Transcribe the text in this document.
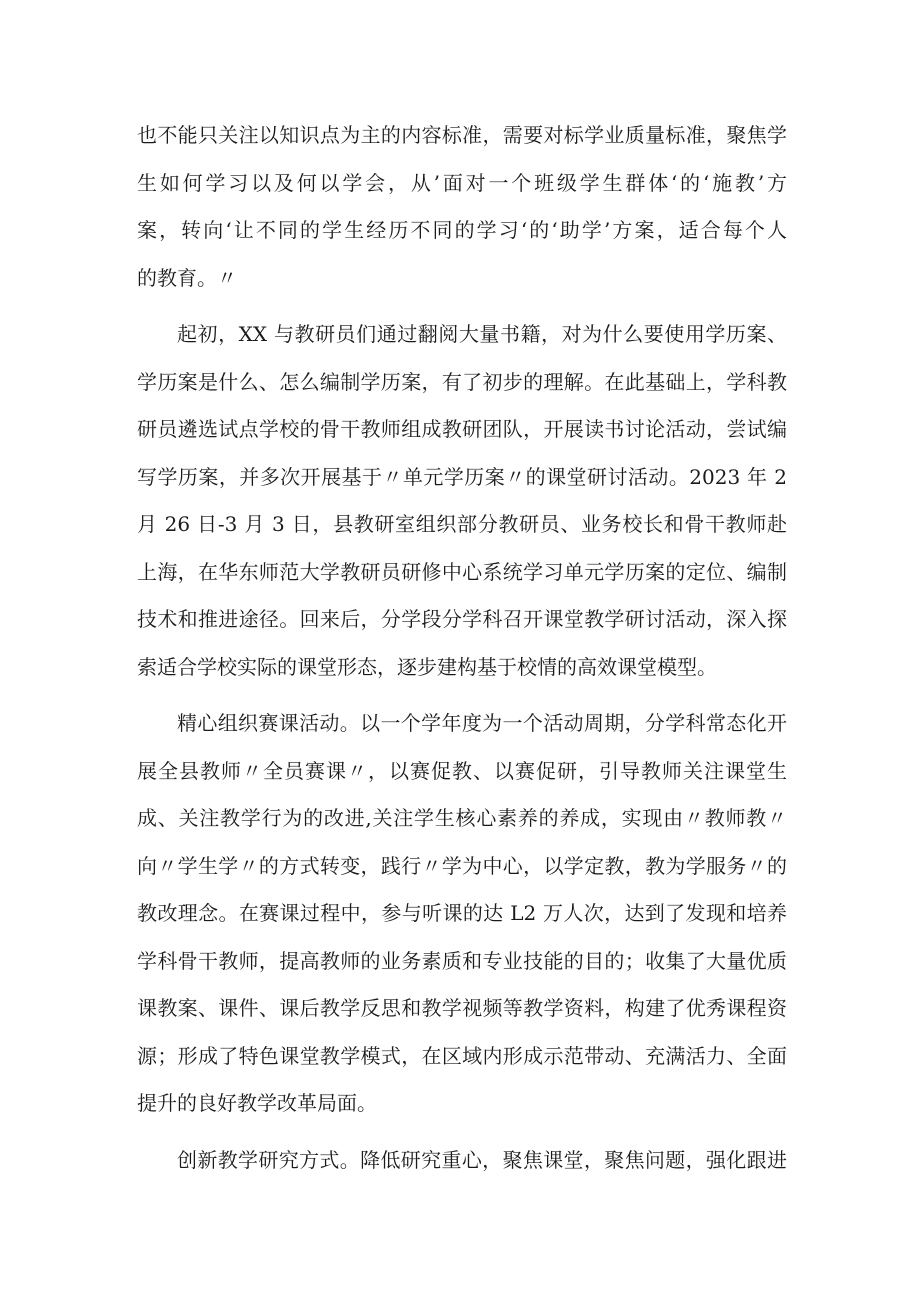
也不能只关注以知识点为主的内容标准，需要对标学业质量标准，聚焦学
生如何学习以及何以学会，从’面对一个班级学生群体‘的‘施教’方
案，转向‘让不同的学生经历不同的学习‘的‘助学’方案，适合每个人
的教育。〃
起初，XX 与教研员们通过翻阅大量书籍，对为什么要使用学历案、
学历案是什么、怎么编制学历案，有了初步的理解。在此基础上，学科教
研员遴选试点学校的骨干教师组成教研团队，开展读书讨论活动，尝试编
写学历案，并多次开展基于〃单元学历案〃的课堂研讨活动。2023 年 2
月 26 日-3 月 3 日，县教研室组织部分教研员、业务校长和骨干教师赴
上海，在华东师范大学教研员研修中心系统学习单元学历案的定位、编制
技术和推进途径。回来后，分学段分学科召开课堂教学研讨活动，深入探
索适合学校实际的课堂形态，逐步建构基于校情的高效课堂模型。
精心组织赛课活动。以一个学年度为一个活动周期，分学科常态化开
展全县教师〃全员赛课〃，以赛促教、以赛促研，引导教师关注课堂生
成、关注教学行为的改进,关注学生核心素养的养成，实现由〃教师教〃
向〃学生学〃的方式转变，践行〃学为中心，以学定教，教为学服务〃的
教改理念。在赛课过程中，参与听课的达 L2 万人次，达到了发现和培养
学科骨干教师，提高教师的业务素质和专业技能的目的；收集了大量优质
课教案、课件、课后教学反思和教学视频等教学资料，构建了优秀课程资
源；形成了特色课堂教学模式，在区域内形成示范带动、充满活力、全面
提升的良好教学改革局面。
创新教学研究方式。降低研究重心，聚焦课堂，聚焦问题，强化跟进
